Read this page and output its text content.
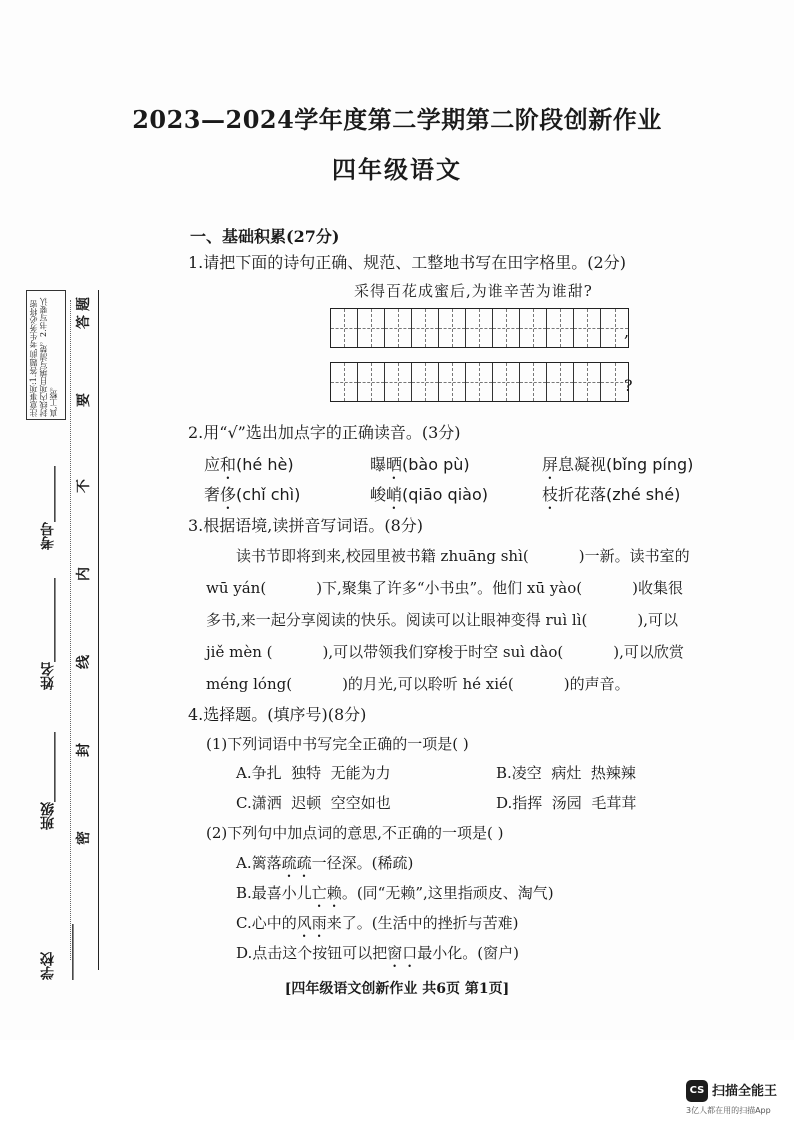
注意事项:1.答题前,考生务必将密封线内项目填写清楚。2.书写要认真,工整。
学校 ________
班级__________
姓名____________
考号________
密
封
线
内
不
要
答
题
2023—2024学年度第二学期第二阶段创新作业
四年级语文
一、基础积累(27分)
1.请把下面的诗句正确、规范、工整地书写在田字格里。(2分)
采得百花成蜜后,为谁辛苦为谁甜?
,
?
2.用“√”选出加点字的正确读音。(3分)
应和(hé hè)	曝晒(bào pù)	屏息凝视(bǐng píng)
奢侈(chǐ chì)	峻峭(qiāo qiào)	枝折花落(zhé shé)
3.根据语境,读拼音写词语。(8分)
读书节即将到来,校园里被书籍 zhuāng shì(	)一新。读书室的
wū yán(	)下,聚集了许多“小书虫”。他们 xū yào(	)收集很
多书,来一起分享阅读的快乐。阅读可以让眼神变得 ruì lì(	),可以
jiě mèn (	),可以带领我们穿梭于时空 suì dào(	),可以欣赏
méng lóng(	)的月光,可以聆听 hé xié(	)的声音。
4.选择题。(填序号)(8分)
(1)下列词语中书写完全正确的一项是( )
A.争扎  独特  无能为力	B.凌空  病灶  热辣辣
C.潇洒  迟顿  空空如也	D.指挥  汤园  毛茸茸
(2)下列句中加点词的意思,不正确的一项是( )
A.篱落疏疏一径深。(稀疏)
B.最喜小儿亡赖。(同“无赖”,这里指顽皮、淘气)
C.心中的风雨来了。(生活中的挫折与苦难)
D.点击这个按钮可以把窗口最小化。(窗户)
[四年级语文创新作业 共6页 第1页]
CS 扫描全能王
3亿人都在用的扫描App
